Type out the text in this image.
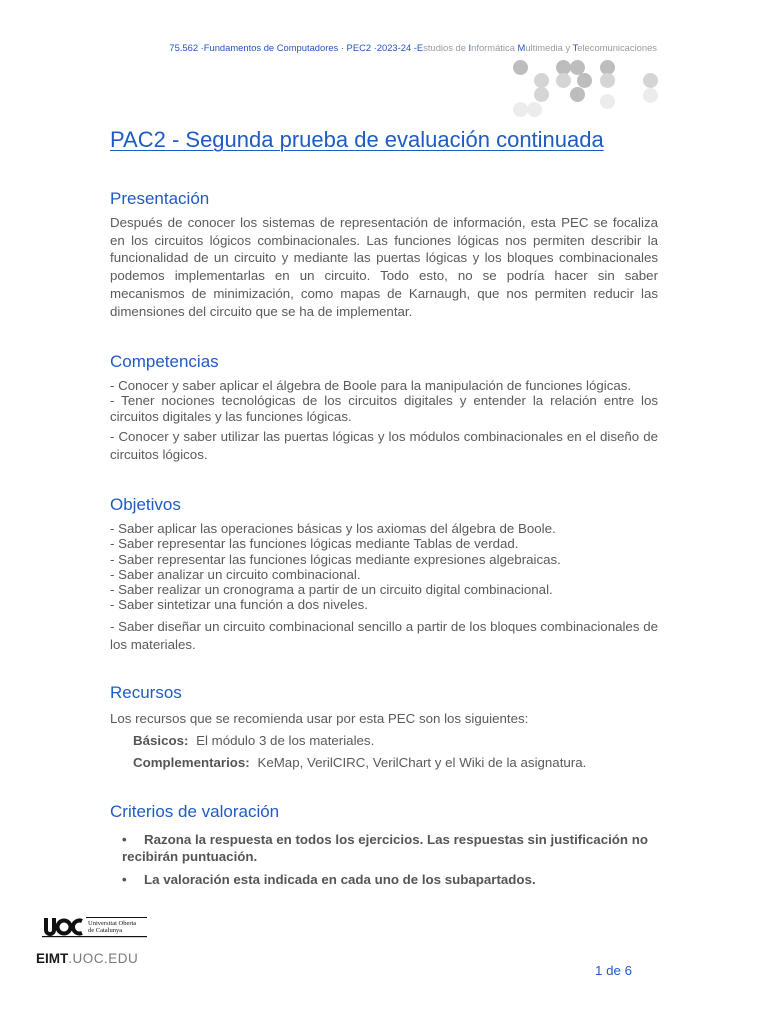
75.562 ·Fundamentos de Computadores · PEC2 ·2023-24 -Estudios de Informática Multimedia y Telecomunicaciones
PAC2 - Segunda prueba de evaluación continuada
Presentación

Después de conocer los sistemas de representación de información, esta PEC se focaliza en los circuitos lógicos combinacionales. Las funciones lógicas nos permiten describir la funcionalidad de un circuito y mediante las puertas lógicas y los bloques combinacionales podemos implementarlas en un circuito. Todo esto, no se podría hacer sin saber mecanismos de minimización, como mapas de Karnaugh, que nos permiten reducir las dimensiones del circuito que se ha de implementar.

Competencias
- Conocer y saber aplicar el álgebra de Boole para la manipulación de funciones lógicas.
- Tener nociones tecnológicas de los circuitos digitales y entender la relación entre los circuitos digitales y las funciones lógicas.

- Conocer y saber utilizar las puertas lógicas y los módulos combinacionales en el diseño de circuitos lógicos.

Objetivos
- Saber aplicar las operaciones básicas y los axiomas del álgebra de Boole.
- Saber representar las funciones lógicas mediante Tablas de verdad.
- Saber representar las funciones lógicas mediante expresiones algebraicas.
- Saber analizar un circuito combinacional.
- Saber realizar un cronograma a partir de un circuito digital combinacional.
- Saber sintetizar una función a dos niveles.

- Saber diseñar un circuito combinacional sencillo a partir de los bloques combinacionales de los materiales.

Recursos

Los recursos que se recomienda usar por esta PEC son los siguientes:

Básicos: El módulo 3 de los materiales.
Complementarios: KeMap, VerilCIRC, VerilChart y el Wiki de la asignatura.
Criterios de valoración
• Razona la respuesta en todos los ejercicios. Las respuestas sin justificación no recibirán puntuación.
• La valoración esta indicada en cada uno de los subapartados.
Universitat Oberta
de Catalunya
EIMT.UOC.EDU
1 de 6
